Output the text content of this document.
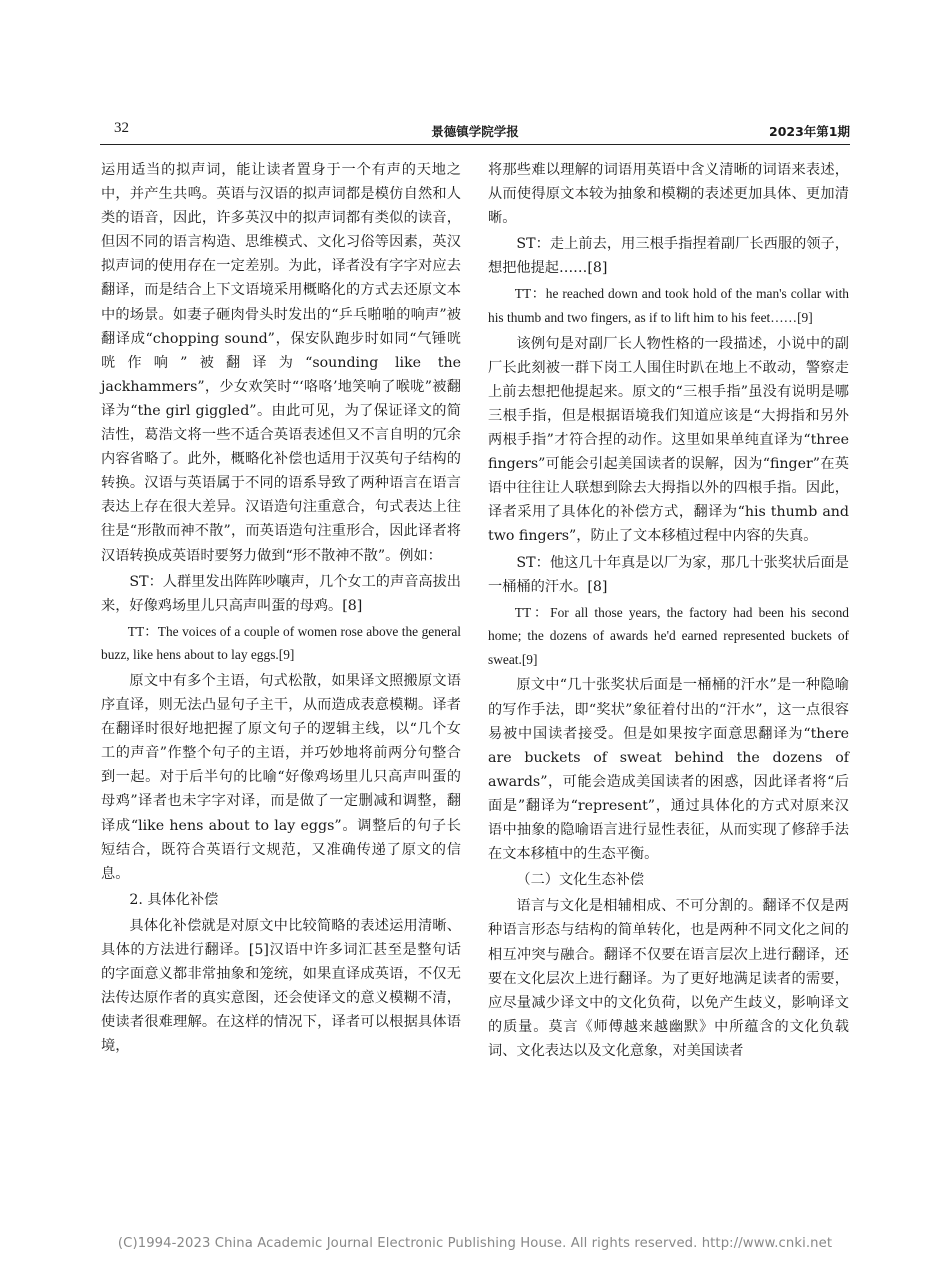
32	景德镇学院学报	2023年第1期

运用适当的拟声词，能让读者置身于一个有声的天地之中，并产生共鸣。英语与汉语的拟声词都是模仿自然和人类的语音，因此，许多英汉中的拟声词都有类似的读音，但因不同的语言构造、思维模式、文化习俗等因素，英汉拟声词的使用存在一定差别。为此，译者没有字字对应去翻译，而是结合上下文语境采用概略化的方式去还原文本中的场景。如妻子砸肉骨头时发出的“乒乓啪啪的响声”被翻译成“chopping sound”，保安队跑步时如同“气锤咣咣作响”被翻译为“sounding like the jackhammers”，少女欢笑时“‘咯咯’地笑响了喉咙”被翻译为“the girl giggled”。由此可见，为了保证译文的简洁性，葛浩文将一些不适合英语表述但又不言自明的冗余内容省略了。此外，概略化补偿也适用于汉英句子结构的转换。汉语与英语属于不同的语系导致了两种语言在语言表达上存在很大差异。汉语造句注重意合，句式表达上往往是“形散而神不散”，而英语造句注重形合，因此译者将汉语转换成英语时要努力做到“形不散神不散”。例如：

ST：人群里发出阵阵吵嚷声，几个女工的声音高拔出来，好像鸡场里儿只高声叫蛋的母鸡。[8]

TT：The voices of a couple of women rose above the general buzz, like hens about to lay eggs.[9]

原文中有多个主语，句式松散，如果译文照搬原文语序直译，则无法凸显句子主干，从而造成表意模糊。译者在翻译时很好地把握了原文句子的逻辑主线，以“几个女工的声音”作整个句子的主语，并巧妙地将前两分句整合到一起。对于后半句的比喻“好像鸡场里儿只高声叫蛋的母鸡”译者也未字字对译，而是做了一定删减和调整，翻译成“like hens about to lay eggs”。调整后的句子长短结合，既符合英语行文规范，又准确传递了原文的信息。

2. 具体化补偿

具体化补偿就是对原文中比较简略的表述运用清晰、具体的方法进行翻译。[5]汉语中许多词汇甚至是整句话的字面意义都非常抽象和笼统，如果直译成英语，不仅无法传达原作者的真实意图，还会使译文的意义模糊不清，使读者很难理解。在这样的情况下，译者可以根据具体语境，

将那些难以理解的词语用英语中含义清晰的词语来表述，从而使得原文本较为抽象和模糊的表述更加具体、更加清晰。

ST：走上前去，用三根手指捏着副厂长西服的领子，想把他提起……[8]

TT：he reached down and took hold of the man's collar with his thumb and two fingers, as if to lift him to his feet……[9]

该例句是对副厂长人物性格的一段描述，小说中的副厂长此刻被一群下岗工人围住时趴在地上不敢动，警察走上前去想把他提起来。原文的“三根手指”虽没有说明是哪三根手指，但是根据语境我们知道应该是“大拇指和另外两根手指”才符合捏的动作。这里如果单纯直译为“three fingers”可能会引起美国读者的误解，因为“finger”在英语中往往让人联想到除去大拇指以外的四根手指。因此，译者采用了具体化的补偿方式，翻译为“his thumb and two fingers”，防止了文本移植过程中内容的失真。

ST：他这几十年真是以厂为家，那几十张奖状后面是一桶桶的汗水。[8]

TT：For all those years, the factory had been his second home; the dozens of awards he'd earned represented buckets of sweat.[9]

原文中“几十张奖状后面是一桶桶的汗水”是一种隐喻的写作手法，即“奖状”象征着付出的“汗水”，这一点很容易被中国读者接受。但是如果按字面意思翻译为“there are buckets of sweat behind the dozens of awards”，可能会造成美国读者的困惑，因此译者将“后面是”翻译为“represent”，通过具体化的方式对原来汉语中抽象的隐喻语言进行显性表征，从而实现了修辞手法在文本移植中的生态平衡。

（二）文化生态补偿

语言与文化是相辅相成、不可分割的。翻译不仅是两种语言形态与结构的简单转化，也是两种不同文化之间的相互冲突与融合。翻译不仅要在语言层次上进行翻译，还要在文化层次上进行翻译。为了更好地满足读者的需要，应尽量减少译文中的文化负荷，以免产生歧义，影响译文的质量。莫言《师傅越来越幽默》中所蕴含的文化负载词、文化表达以及文化意象，对美国读者

(C)1994-2023 China Academic Journal Electronic Publishing House. All rights reserved. http://www.cnki.net
